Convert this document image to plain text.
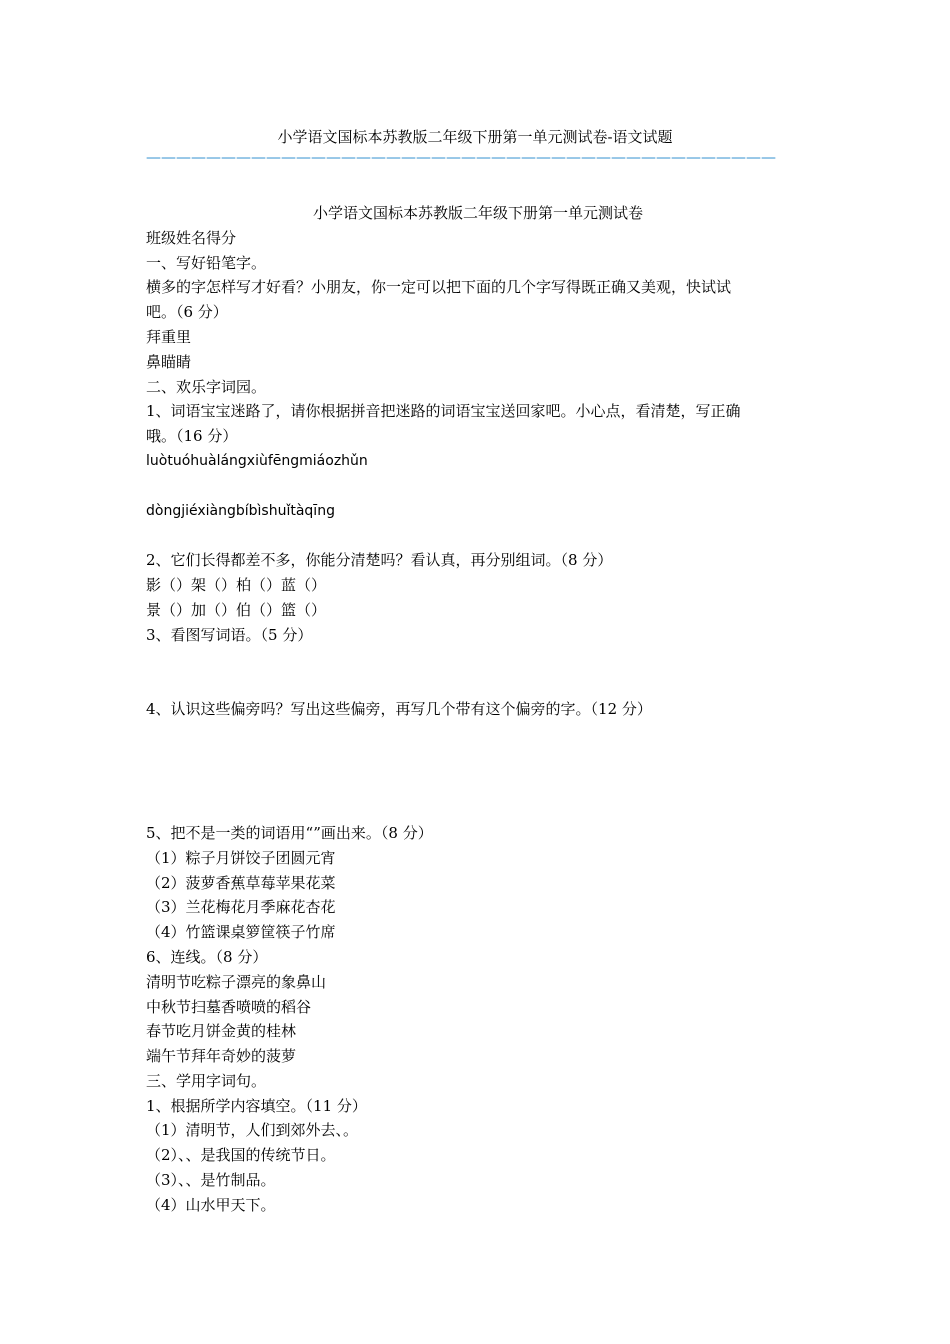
小学语文国标本苏教版二年级下册第一单元测试卷-语文试题
——————————————————————————————————————————
小学语文国标本苏教版二年级下册第一单元测试卷
班级姓名得分
一、写好铅笔字。
横多的字怎样写才好看？小朋友，你一定可以把下面的几个字写得既正确又美观，快试试
吧。（6 分）
拜重里
鼻瞄睛
二、欢乐字词园。
1、词语宝宝迷路了，请你根据拼音把迷路的词语宝宝送回家吧。小心点，看清楚，写正确
哦。（16 分）
luòtuóhuàlángxiùfēngmiáozhǔn
dòngjiéxiàngbíbìshuǐtàqīng
2、它们长得都差不多，你能分清楚吗？看认真，再分别组词。（8 分）
影（）架（）柏（）蓝（）
景（）加（）伯（）篮（）
3、看图写词语。（5 分）
4、认识这些偏旁吗？写出这些偏旁，再写几个带有这个偏旁的字。（12 分）
5、把不是一类的词语用“”画出来。（8 分）
（1）粽子月饼饺子团圆元宵
（2）菠萝香蕉草莓苹果花菜
（3）兰花梅花月季麻花杏花
（4）竹篮课桌箩筐筷子竹席
6、连线。（8 分）
清明节吃粽子漂亮的象鼻山
中秋节扫墓香喷喷的稻谷
春节吃月饼金黄的桂林
端午节拜年奇妙的菠萝
三、学用字词句。
1、根据所学内容填空。（11 分）
（1）清明节，人们到郊外去、。
（2）、、是我国的传统节日。
（3）、、是竹制品。
（4）山水甲天下。
